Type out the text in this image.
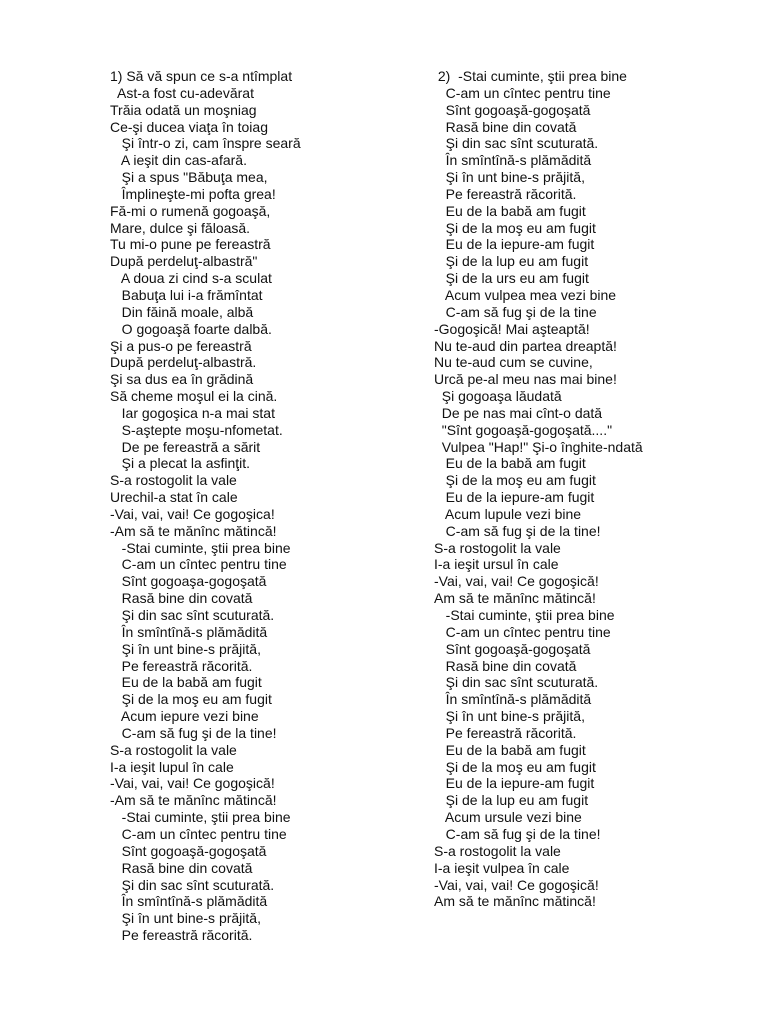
1) Să vă spun ce s-a ntîmplat
Ast-a fost cu-adevărat
Trăia odată un moşniag
Ce-şi ducea viaţa în toiag
Şi într-o zi, cam înspre seară
A ieşit din cas-afară.
Şi a spus "Băbuţa mea,
Împlineşte-mi pofta grea!
Fă-mi o rumenă gogoaşă,
Mare, dulce şi făloasă.
Tu mi-o pune pe fereastră
După perdeluţ-albastră"
A doua zi cind s-a sculat
Babuţa lui i-a frămîntat
Din făină moale, albă
O gogoaşă foarte dalbă.
Şi a pus-o pe fereastră
După perdeluţ-albastră.
Şi sa dus ea în grădină
Să cheme moşul ei la cină.
Iar gogoşica n-a mai stat
S-aştepte moşu-nfometat.
De pe fereastră a sărit
Şi a plecat la asfinţit.
S-a rostogolit la vale
Urechil-a stat în cale
-Vai, vai, vai! Ce gogoşica!
-Am să te mănînc mătincă!
-Stai cuminte, ştii prea bine
C-am un cîntec pentru tine
Sînt gogoaşa-gogoşată
Rasă bine din covată
Şi din sac sînt scuturată.
În smîntînă-s plămădită
Şi în unt bine-s prăjită,
Pe fereastră răcorită.
Eu de la babă am fugit
Şi de la moş eu am fugit
Acum iepure vezi bine
C-am să fug şi de la tine!
S-a rostogolit la vale
I-a ieşit lupul în cale
-Vai, vai, vai! Ce gogoşică!
-Am să te mănînc mătincă!
-Stai cuminte, ştii prea bine
C-am un cîntec pentru tine
Sînt gogoaşă-gogoşată
Rasă bine din covată
Şi din sac sînt scuturată.
În smîntînă-s plămădită
Şi în unt bine-s prăjită,
Pe fereastră răcorită.
2)  -Stai cuminte, ştii prea bine
C-am un cîntec pentru tine
Sînt gogoaşă-gogoşată
Rasă bine din covată
Şi din sac sînt scuturată.
În smîntînă-s plămădită
Şi în unt bine-s prăjită,
Pe fereastră răcorită.
Eu de la babă am fugit
Şi de la moş eu am fugit
Eu de la iepure-am fugit
Şi de la lup eu am fugit
Şi de la urs eu am fugit
Acum vulpea mea vezi bine
C-am să fug şi de la tine
-Gogoşică! Mai aşteaptă!
Nu te-aud din partea dreaptă!
Nu te-aud cum se cuvine,
Urcă pe-al meu nas mai bine!
Şi gogoaşa lăudată
De pe nas mai cînt-o dată
"Sînt gogoaşă-gogoşată...."
Vulpea "Hap!" Şi-o înghite-ndată
Eu de la babă am fugit
Şi de la moş eu am fugit
Eu de la iepure-am fugit
Acum lupule vezi bine
C-am să fug şi de la tine!
S-a rostogolit la vale
I-a ieşit ursul în cale
-Vai, vai, vai! Ce gogoşică!
Am să te mănînc mătincă!
-Stai cuminte, ştii prea bine
C-am un cîntec pentru tine
Sînt gogoaşă-gogoşată
Rasă bine din covată
Şi din sac sînt scuturată.
În smîntînă-s plămădită
Şi în unt bine-s prăjită,
Pe fereastră răcorită.
Eu de la babă am fugit
Şi de la moş eu am fugit
Eu de la iepure-am fugit
Şi de la lup eu am fugit
Acum ursule vezi bine
C-am să fug şi de la tine!
S-a rostogolit la vale
I-a ieşit vulpea în cale
-Vai, vai, vai! Ce gogoşică!
Am să te mănînc mătincă!
